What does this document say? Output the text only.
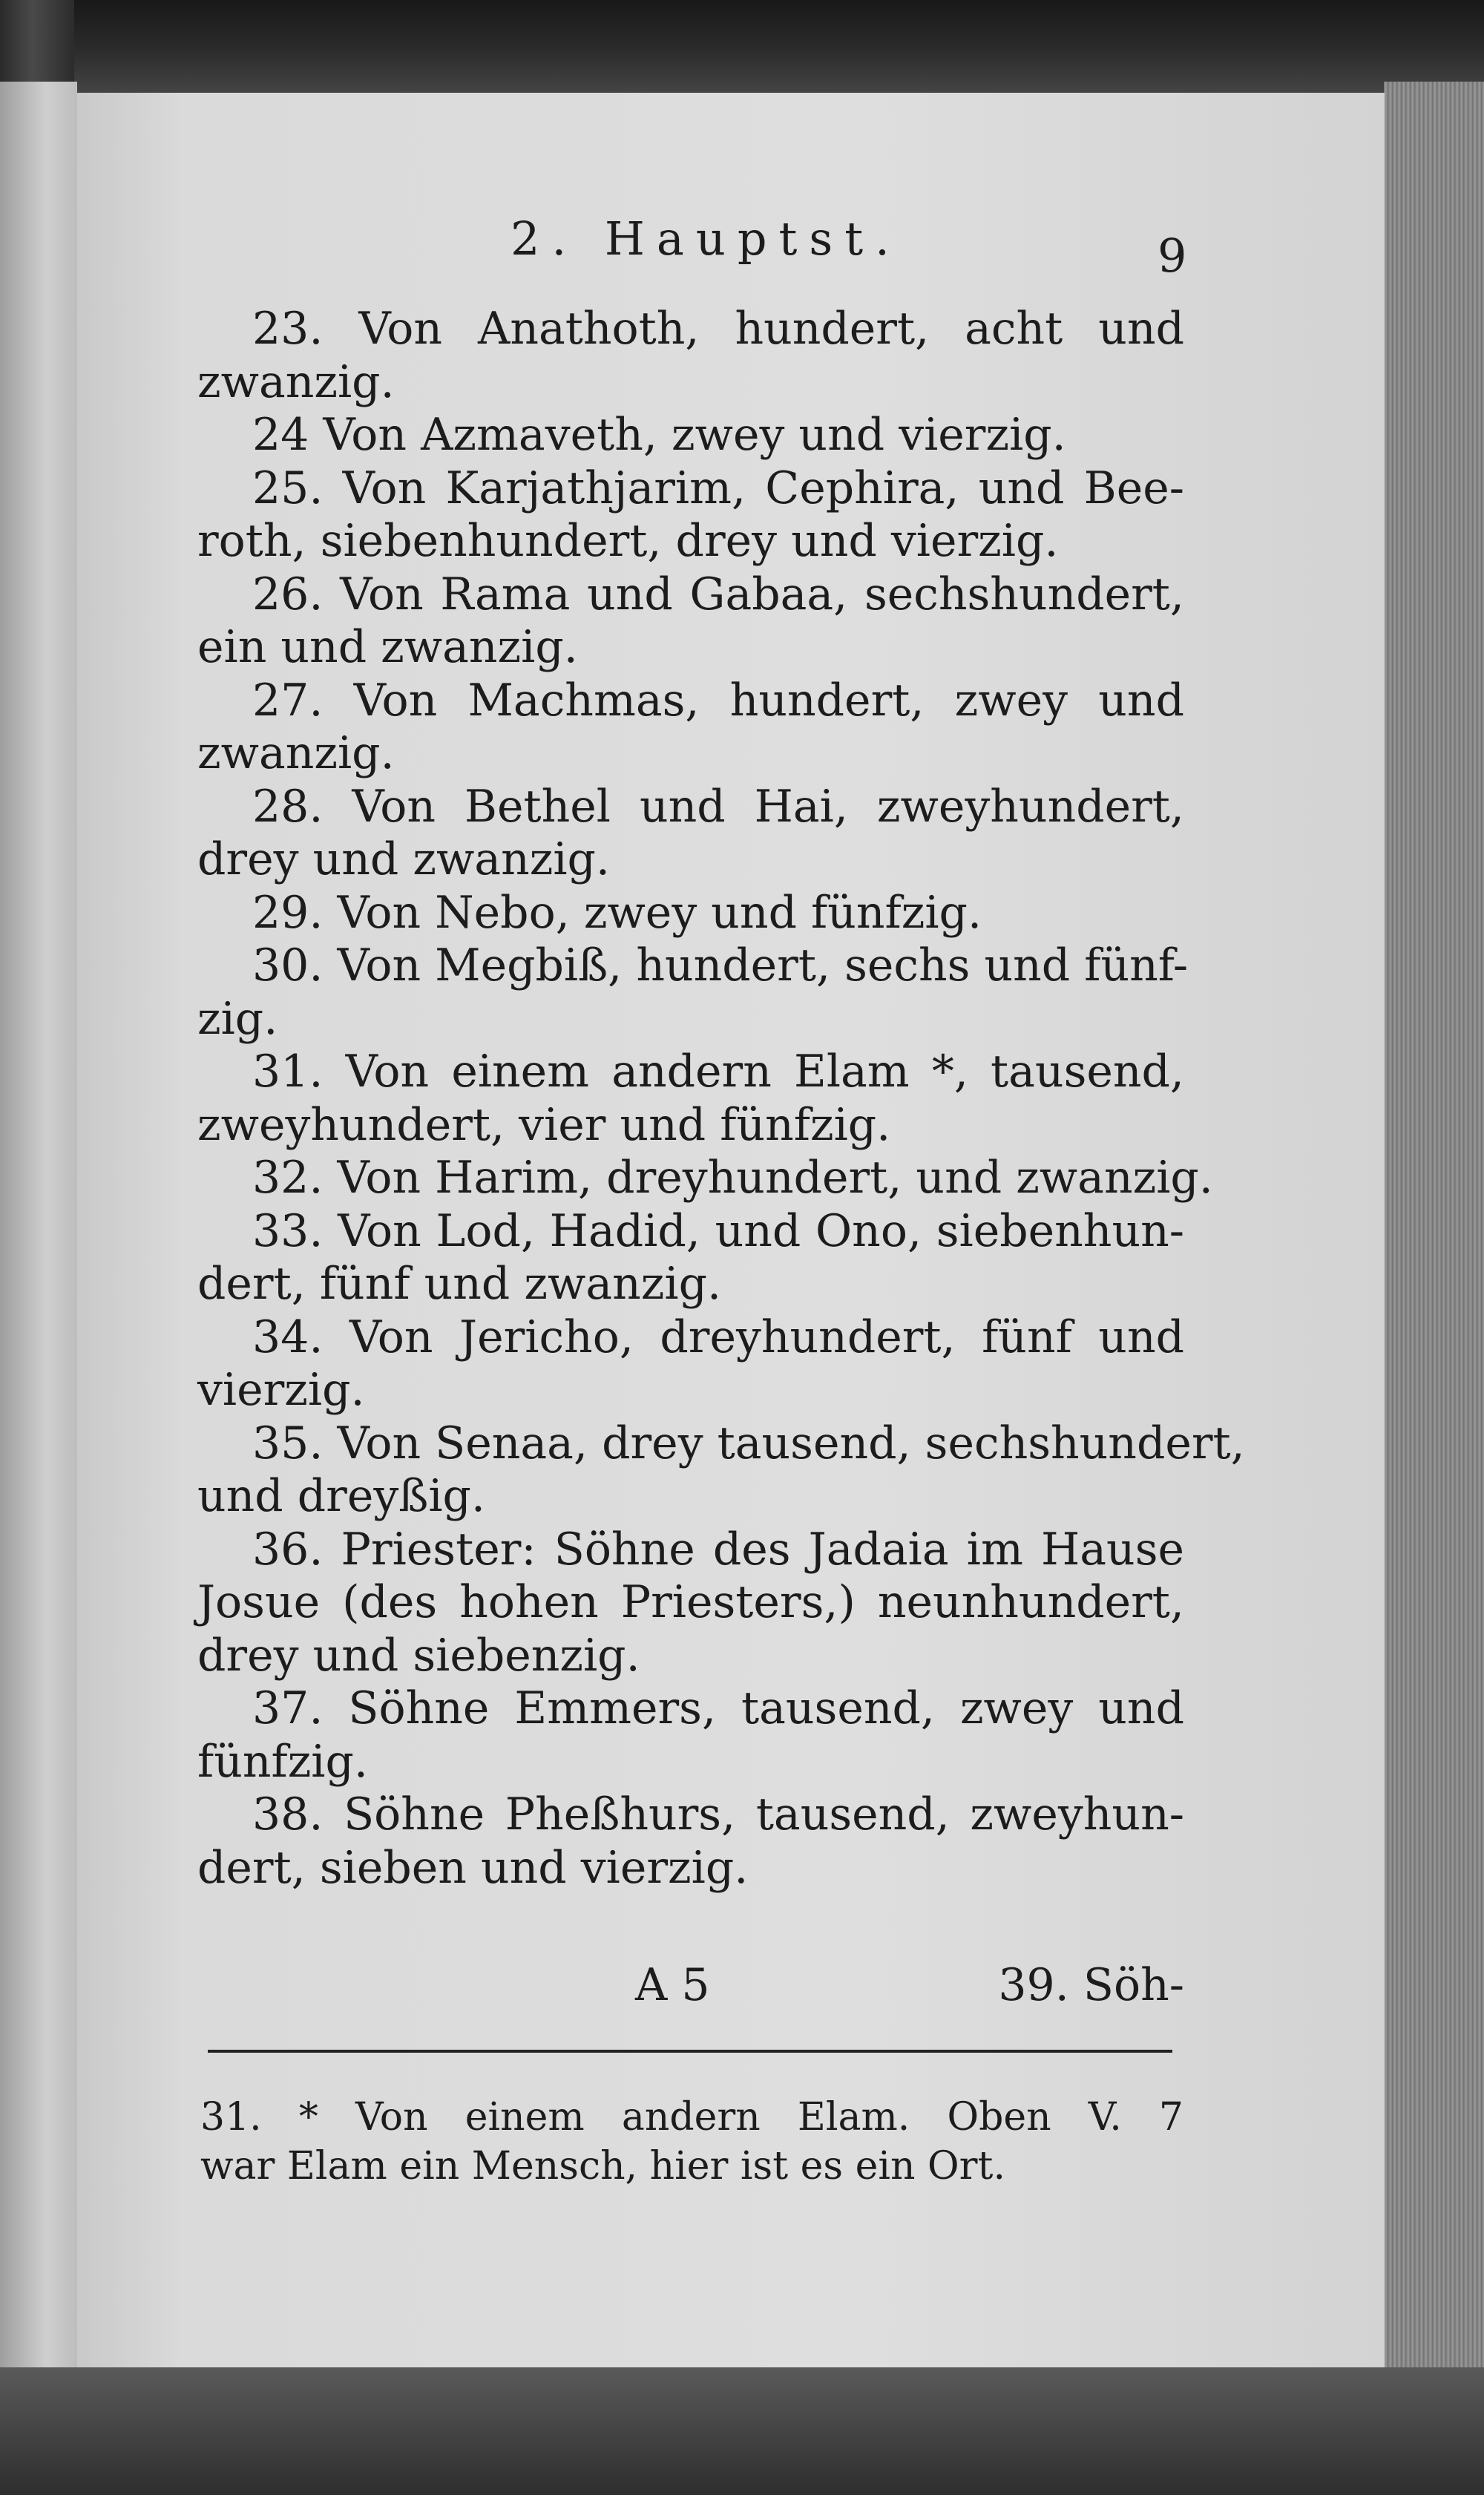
2. Hauptst.	9
23. Von Anathoth, hundert, acht und
zwanzig.
24 Von Azmaveth, zwey und vierzig.
25. Von Karjathjarim, Cephira, und Bee-
roth, siebenhundert, drey und vierzig.
26. Von Rama und Gabaa, sechshundert,
ein und zwanzig.
27. Von Machmas, hundert, zwey und
zwanzig.
28. Von Bethel und Hai, zweyhundert,
drey und zwanzig.
29. Von Nebo, zwey und fünfzig.
30. Von Megbiß, hundert, sechs und fünf-
zig.
31. Von einem andern Elam *, tausend,
zweyhundert, vier und fünfzig.
32. Von Harim, dreyhundert, und zwanzig.
33. Von Lod, Hadid, und Ono, siebenhun-
dert, fünf und zwanzig.
34. Von Jericho, dreyhundert, fünf und
vierzig.
35. Von Senaa, drey tausend, sechshundert,
und dreyßig.
36. Priester: Söhne des Jadaia im Hause
Josue (des hohen Priesters,) neunhundert,
drey und siebenzig.
37. Söhne Emmers, tausend, zwey und
fünfzig.
38. Söhne Pheßhurs, tausend, zweyhun-
dert, sieben und vierzig.
A 5	39. Söh-
31. * Von einem andern Elam. Oben V. 7
war Elam ein Mensch, hier ist es ein Ort.
